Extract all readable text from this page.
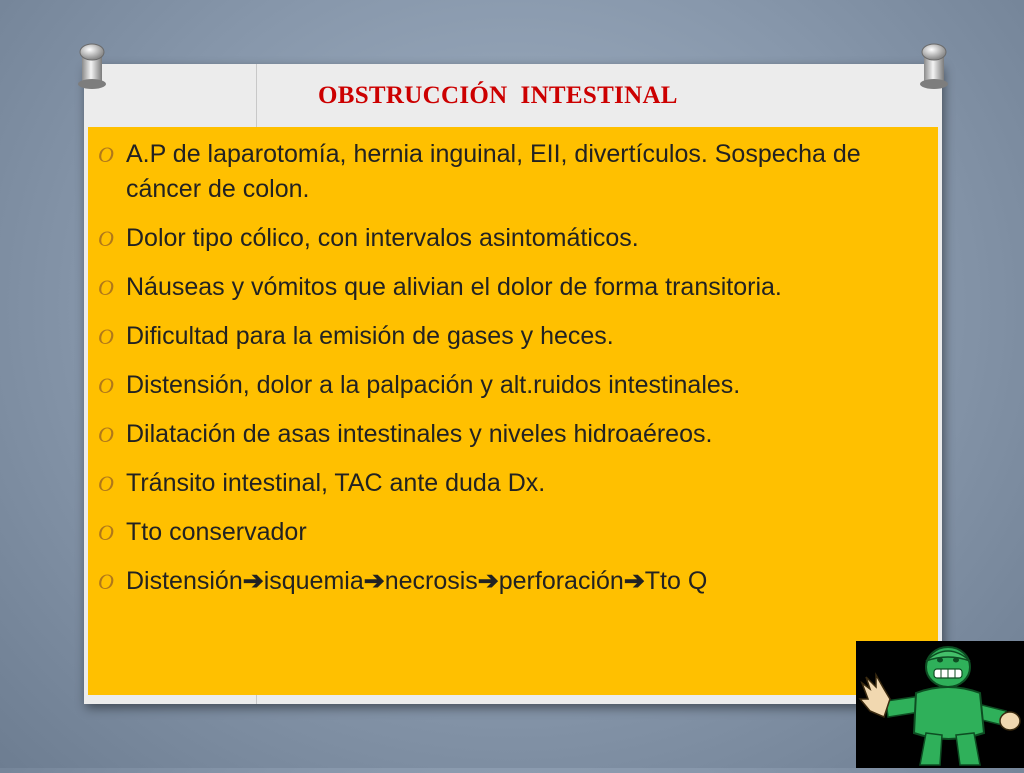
OBSTRUCCIÓN  INTESTINAL
O A.P de laparotomía, hernia inguinal, EII, divertículos. Sospecha de cáncer de colon.
O Dolor tipo cólico, con intervalos asintomáticos.
O Náuseas y vómitos que alivian el dolor de forma transitoria.
O Dificultad para la emisión de gases y heces.
O Distensión, dolor a la palpación y alt.ruidos intestinales.
O Dilatación de asas intestinales y niveles hidroaéreos.
O Tránsito intestinal, TAC ante duda Dx.
O Tto conservador
O Distensión➔isquemia➔necrosis➔perforación➔Tto Q
